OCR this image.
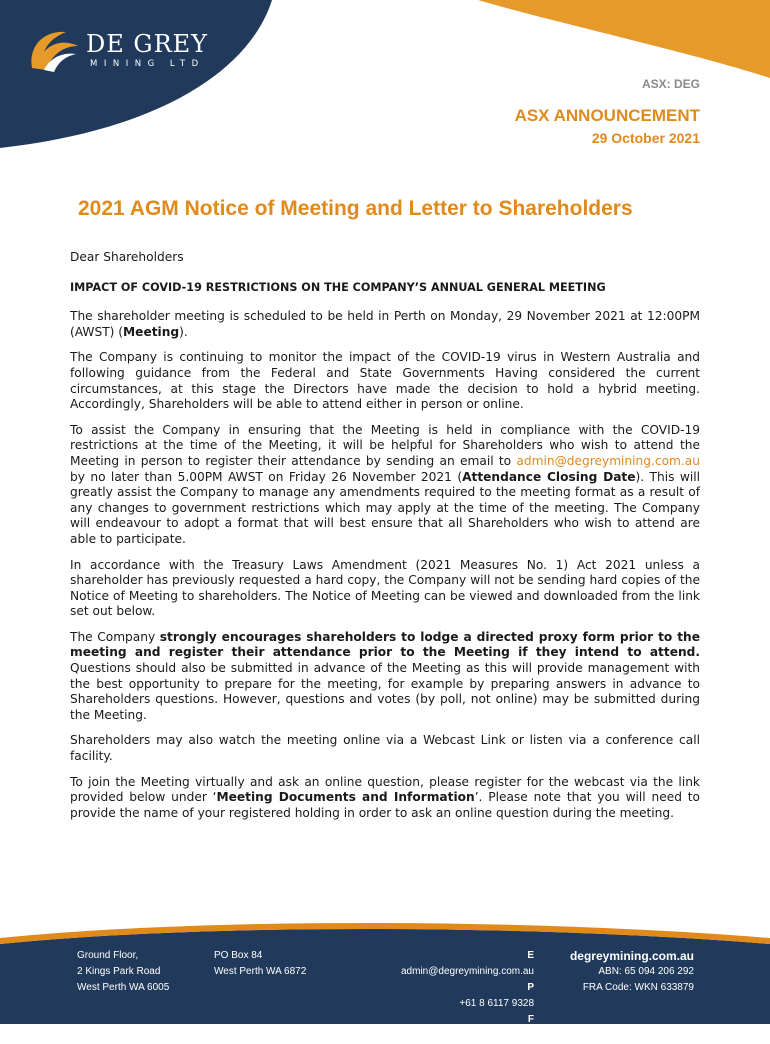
DE GREY
MINING LTD
ASX: DEG
ASX ANNOUNCEMENT
29 October 2021
2021 AGM Notice of Meeting and Letter to Shareholders

Dear Shareholders

IMPACT OF COVID-19 RESTRICTIONS ON THE COMPANY’S ANNUAL GENERAL MEETING

The shareholder meeting is scheduled to be held in Perth on Monday, 29 November 2021 at 12:00PM (AWST) (Meeting).

The Company is continuing to monitor the impact of the COVID-19 virus in Western Australia and following guidance from the Federal and State Governments Having considered the current circumstances, at this stage the Directors have made the decision to hold a hybrid meeting. Accordingly, Shareholders will be able to attend either in person or online.

To assist the Company in ensuring that the Meeting is held in compliance with the COVID-19 restrictions at the time of the Meeting, it will be helpful for Shareholders who wish to attend the Meeting in person to register their attendance by sending an email to admin@degreymining.com.au by no later than 5.00PM AWST on Friday 26 November 2021 (Attendance Closing Date). This will greatly assist the Company to manage any amendments required to the meeting format as a result of any changes to government restrictions which may apply at the time of the meeting. The Company will endeavour to adopt a format that will best ensure that all Shareholders who wish to attend are able to participate.

In accordance with the Treasury Laws Amendment (2021 Measures No. 1) Act 2021 unless a shareholder has previously requested a hard copy, the Company will not be sending hard copies of the Notice of Meeting to shareholders. The Notice of Meeting can be viewed and downloaded from the link set out below.

The Company strongly encourages shareholders to lodge a directed proxy form prior to the meeting and register their attendance prior to the Meeting if they intend to attend. Questions should also be submitted in advance of the Meeting as this will provide management with the best opportunity to prepare for the meeting, for example by preparing answers in advance to Shareholders questions. However, questions and votes (by poll, not online) may be submitted during the Meeting.

Shareholders may also watch the meeting online via a Webcast Link or listen via a conference call facility.

To join the Meeting virtually and ask an online question, please register for the webcast via the link provided below under ‘Meeting Documents and Information’. Please note that you will need to provide the name of your registered holding in order to ask an online question during the meeting.

Ground Floor,
2 Kings Park Road
West Perth WA 6005
PO Box 84
West Perth WA 6872
E
admin@degreymining.com.au
P
+61 8 6117 9328
F
+61 8 6117 9330
degreymining.com.au
ABN: 65 094 206 292
FRA Code: WKN 633879
